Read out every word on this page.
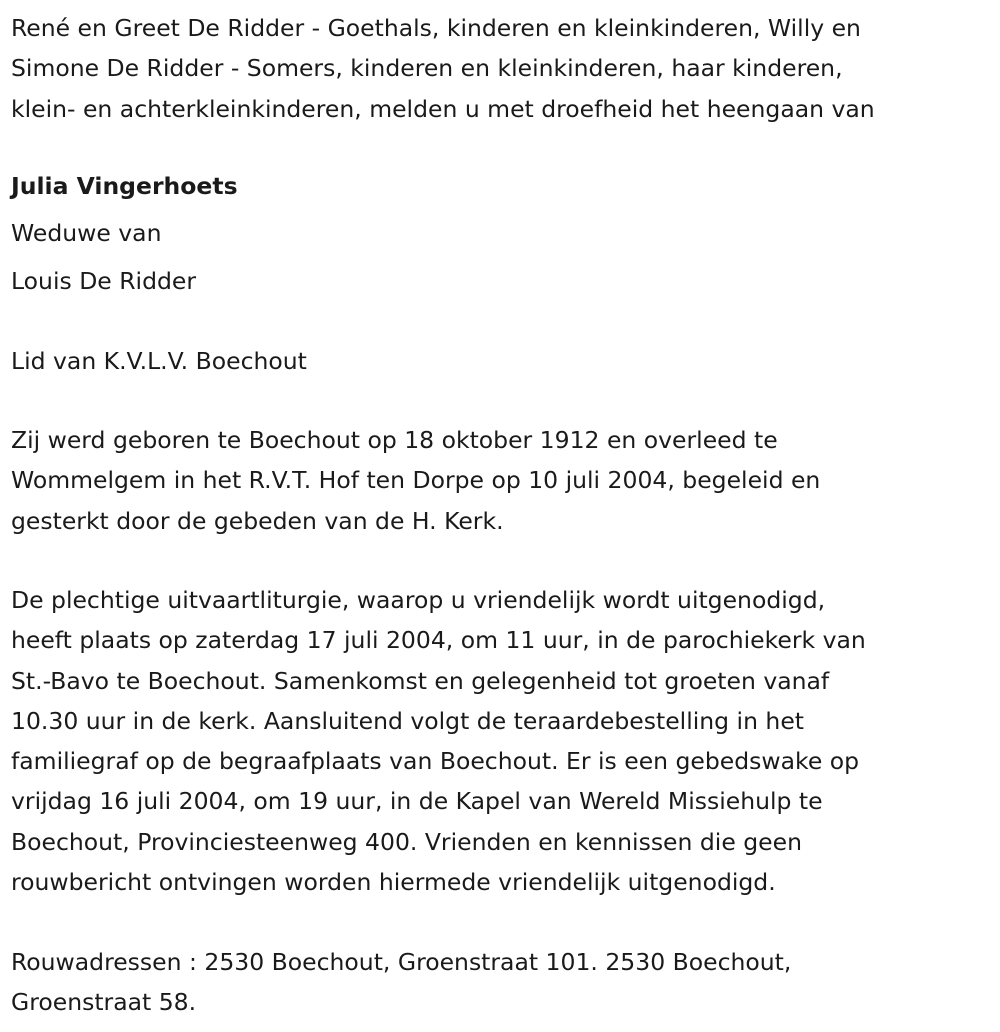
René en Greet De Ridder - Goethals, kinderen en kleinkinderen, Willy en
Simone De Ridder - Somers, kinderen en kleinkinderen, haar kinderen,
klein- en achterkleinkinderen, melden u met droefheid het heengaan van
Julia Vingerhoets
Weduwe van
Louis De Ridder
Lid van K.V.L.V. Boechout
Zij werd geboren te Boechout op 18 oktober 1912 en overleed te
Wommelgem in het R.V.T. Hof ten Dorpe op 10 juli 2004, begeleid en
gesterkt door de gebeden van de H. Kerk.
De plechtige uitvaartliturgie, waarop u vriendelijk wordt uitgenodigd,
heeft plaats op zaterdag 17 juli 2004, om 11 uur, in de parochiekerk van
St.-Bavo te Boechout. Samenkomst en gelegenheid tot groeten vanaf
10.30 uur in de kerk. Aansluitend volgt de teraardebestelling in het
familiegraf op de begraafplaats van Boechout. Er is een gebedswake op
vrijdag 16 juli 2004, om 19 uur, in de Kapel van Wereld Missiehulp te
Boechout, Provinciesteenweg 400. Vrienden en kennissen die geen
rouwbericht ontvingen worden hiermede vriendelijk uitgenodigd.
Rouwadressen : 2530 Boechout, Groenstraat 101. 2530 Boechout,
Groenstraat 58.
